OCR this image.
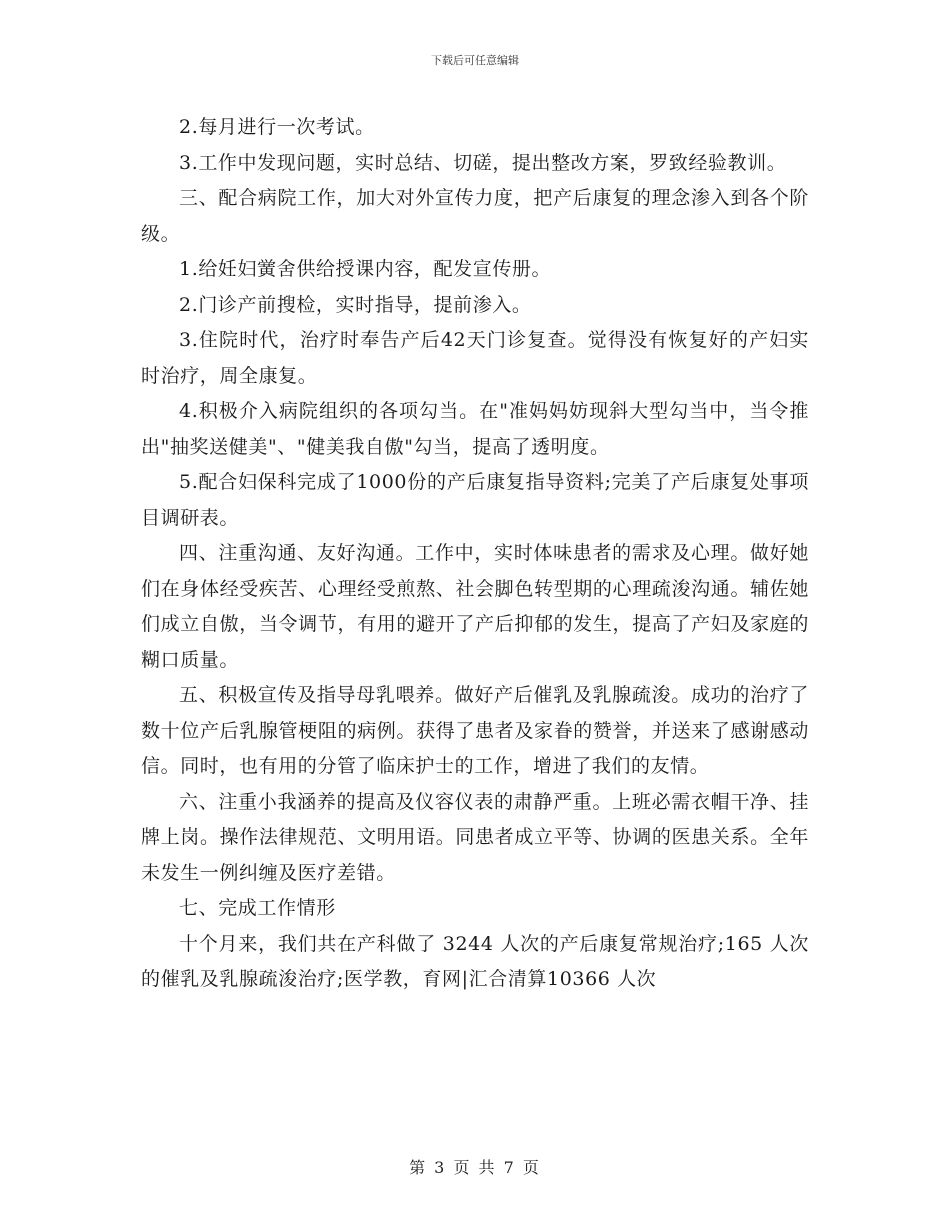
下载后可任意编辑

2.每月进行一次考试。

3.工作中发现问题，实时总结、切磋，提出整改方案，罗致经验教训。

三、配合病院工作，加大对外宣传力度，把产后康复的理念渗入到各个阶级。

1.给妊妇黉舍供给授课内容，配发宣传册。

2.门诊产前搜检，实时指导，提前渗入。

3.住院时代，治疗时奉告产后42天门诊复查。觉得没有恢复好的产妇实时治疗，周全康复。

4.积极介入病院组织的各项勾当。在"准妈妈妨现斜大型勾当中，当令推出"抽奖送健美"、"健美我自傲"勾当，提高了透明度。

5.配合妇保科完成了1000份的产后康复指导资料;完美了产后康复处事项目调研表。

四、注重沟通、友好沟通。工作中，实时体味患者的需求及心理。做好她们在身体经受疾苦、心理经受煎熬、社会脚色转型期的心理疏浚沟通。辅佐她们成立自傲，当令调节，有用的避开了产后抑郁的发生，提高了产妇及家庭的糊口质量。

五、积极宣传及指导母乳喂养。做好产后催乳及乳腺疏浚。成功的治疗了数十位产后乳腺管梗阻的病例。获得了患者及家眷的赞誉，并送来了感谢感动信。同时，也有用的分管了临床护士的工作，增进了我们的友情。

六、注重小我涵养的提高及仪容仪表的肃静严重。上班必需衣帽干净、挂牌上岗。操作法律规范、文明用语。同患者成立平等、协调的医患关系。全年未发生一例纠缠及医疗差错。

七、完成工作情形

十个月来，我们共在产科做了 3244 人次的产后康复常规治疗;165 人次的催乳及乳腺疏浚治疗;医学教，育网|汇合清算10366 人次

第 3 页 共 7 页
